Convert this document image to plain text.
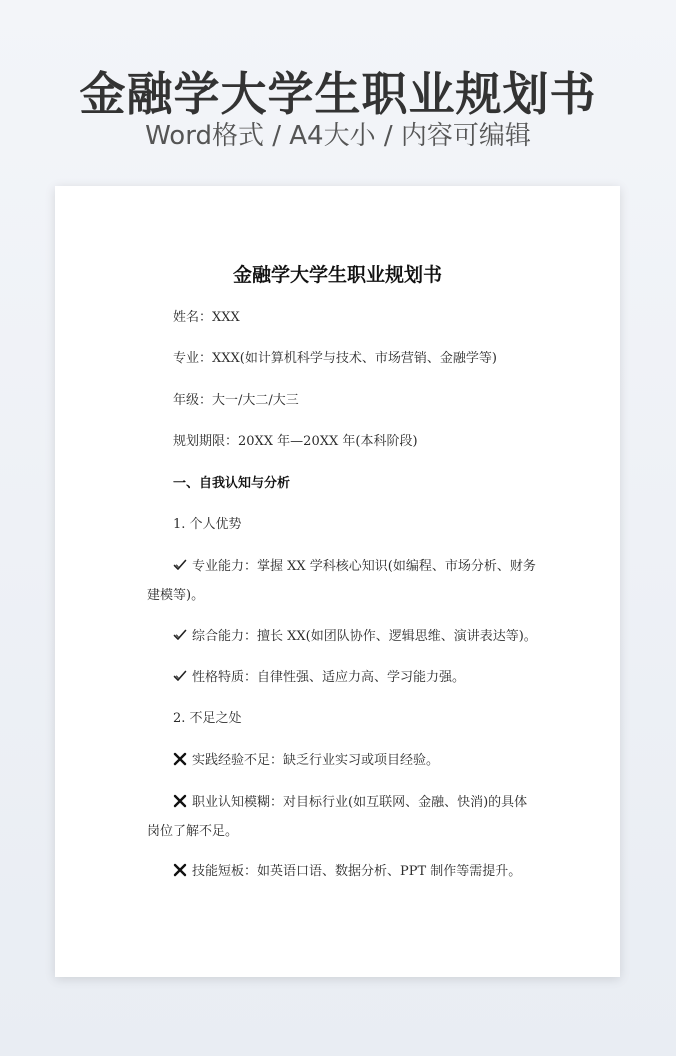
金融学大学生职业规划书
Word格式 / A4大小 / 内容可编辑
金融学大学生职业规划书
姓名：XXX
专业：XXX(如计算机科学与技术、市场营销、金融学等)
年级：大一/大二/大三
规划期限：20XX 年—20XX 年(本科阶段)
一、自我认知与分析
1. 个人优势
专业能力：掌握 XX 学科核心知识(如编程、市场分析、财务
建模等)。
综合能力：擅长 XX(如团队协作、逻辑思维、演讲表达等)。
性格特质：自律性强、适应力高、学习能力强。
2. 不足之处
实践经验不足：缺乏行业实习或项目经验。
职业认知模糊：对目标行业(如互联网、金融、快消)的具体
岗位了解不足。
技能短板：如英语口语、数据分析、PPT 制作等需提升。
